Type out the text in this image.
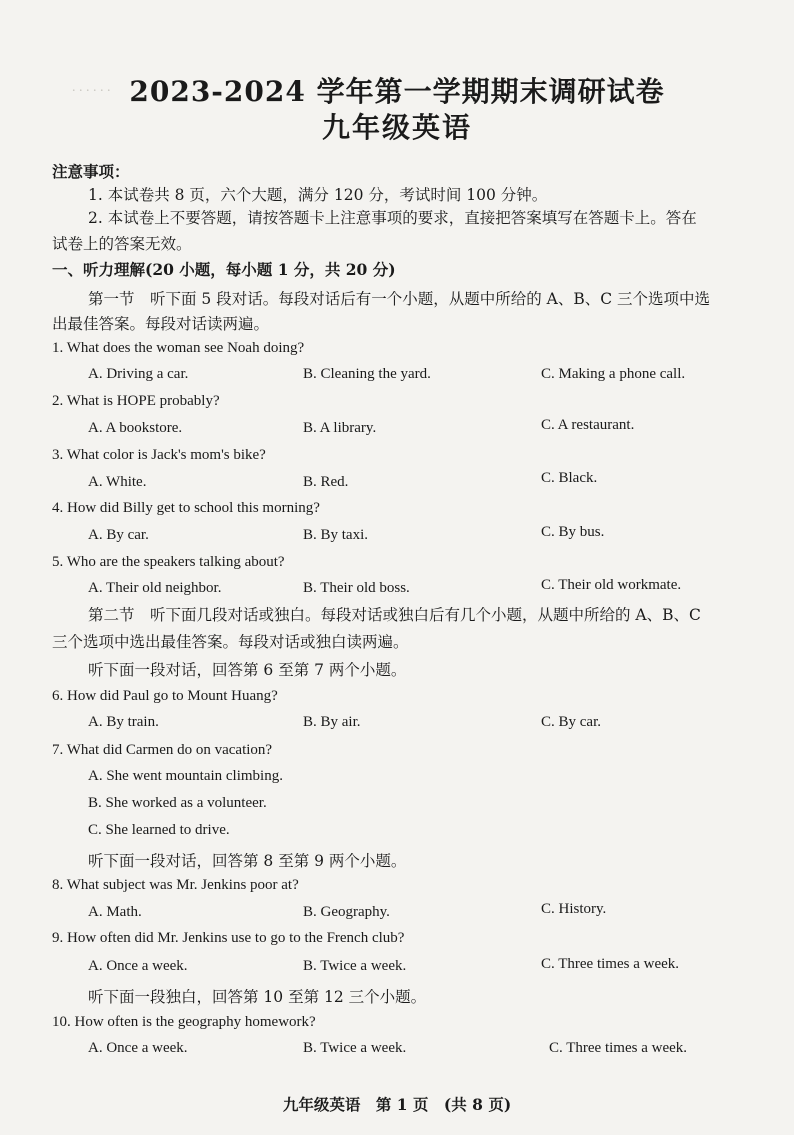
. . . . . . 2023-2024 学年第一学期期末调研试卷
九年级英语
注意事项：
1. 本试卷共 8 页，六个大题，满分 120 分，考试时间 100 分钟。
2. 本试卷上不要答题，请按答题卡上注意事项的要求，直接把答案填写在答题卡上。答在
试卷上的答案无效。
一、听力理解(20 小题，每小题 1 分，共 20 分)
第一节　听下面 5 段对话。每段对话后有一个小题，从题中所给的 A、B、C 三个选项中选
出最佳答案。每段对话读两遍。
1. What does the woman see Noah doing?
A. Driving a car.	B. Cleaning the yard.	C. Making a phone call.
2. What is HOPE probably?
A. A bookstore.	B. A library.	C. A restaurant.
3. What color is Jack's mom's bike?
A. White.	B. Red.	C. Black.
4. How did Billy get to school this morning?
A. By car.	B. By taxi.	C. By bus.
5. Who are the speakers talking about?
A. Their old neighbor.	B. Their old boss.	C. Their old workmate.
第二节　听下面几段对话或独白。每段对话或独白后有几个小题，从题中所给的 A、B、C
三个选项中选出最佳答案。每段对话或独白读两遍。
听下面一段对话，回答第 6 至第 7 两个小题。
6. How did Paul go to Mount Huang?
A. By train.	B. By air.	C. By car.
7. What did Carmen do on vacation?
A. She went mountain climbing.
B. She worked as a volunteer.
C. She learned to drive.
听下面一段对话，回答第 8 至第 9 两个小题。
8. What subject was Mr. Jenkins poor at?
A. Math.	B. Geography.	C. History.
9. How often did Mr. Jenkins use to go to the French club?
A. Once a week.	B. Twice a week.	C. Three times a week.
听下面一段独白，回答第 10 至第 12 三个小题。
10. How often is the geography homework?
A. Once a week.	B. Twice a week.	C. Three times a week.
九年级英语　第 1 页　(共 8 页)
